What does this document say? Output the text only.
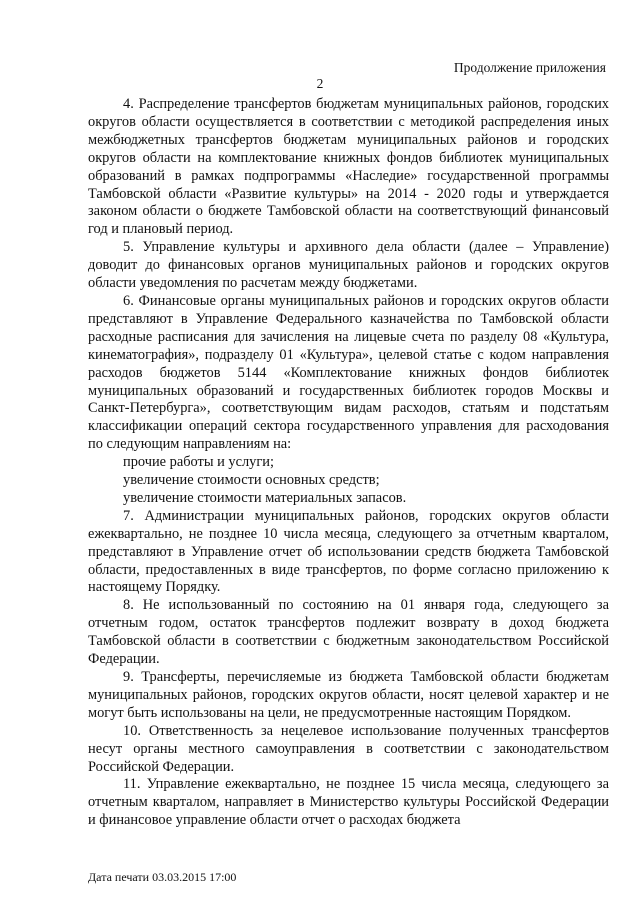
Продолжение приложения
2

4. Распределение трансфертов бюджетам муниципальных районов, городских округов области осуществляется в соответствии с методикой распределения иных межбюджетных трансфертов бюджетам муниципальных районов и городских округов области на комплектование книжных фондов библиотек муниципальных образований в рамках подпрограммы «Наследие» государственной программы Тамбовской области «Развитие культуры» на 2014 - 2020 годы и утверждается законом области о бюджете Тамбовской области на соответствующий финансовый год и плановый период.

5. Управление культуры и архивного дела области (далее – Управление) доводит до финансовых органов муниципальных районов и городских округов области уведомления по расчетам между бюджетами.

6. Финансовые органы муниципальных районов и городских округов области представляют в Управление Федерального казначейства по Тамбовской области расходные расписания для зачисления на лицевые счета по разделу 08 «Культура, кинематография», подразделу 01 «Культура», целевой статье с кодом направления расходов бюджетов 5144 «Комплектование книжных фондов библиотек муниципальных образований и государственных библиотек городов Москвы и Санкт-Петербурга», соответствующим видам расходов, статьям и подстатьям классификации операций сектора государственного управления для расходования по следующим направлениям на:

прочие работы и услуги;

увеличение стоимости основных средств;

увеличение стоимости материальных запасов.

7. Администрации муниципальных районов, городских округов области ежеквартально, не позднее 10 числа месяца, следующего за отчетным кварталом, представляют в Управление отчет об использовании средств бюджета Тамбовской области, предоставленных в виде трансфертов, по форме согласно приложению к настоящему Порядку.

8. Не использованный по состоянию на 01 января года, следующего за отчетным годом, остаток трансфертов подлежит возврату в доход бюджета Тамбовской области в соответствии с бюджетным законодательством Российской Федерации.

9. Трансферты, перечисляемые из бюджета Тамбовской области бюджетам муниципальных районов, городских округов области, носят целевой характер и не могут быть использованы на цели, не предусмотренные настоящим Порядком.

10. Ответственность за нецелевое использование полученных трансфертов несут органы местного самоуправления в соответствии с законодательством Российской Федерации.

11. Управление ежеквартально, не позднее 15 числа месяца, следующего за отчетным кварталом, направляет в Министерство культуры Российской Федерации и финансовое управление области отчет о расходах бюджета

Дата печати 03.03.2015 17:00
